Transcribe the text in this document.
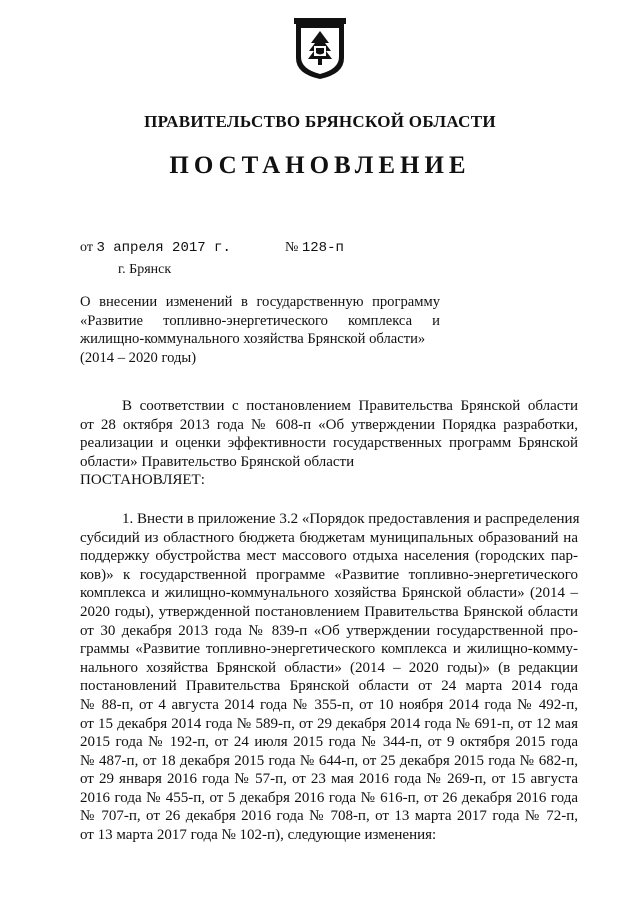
ПРАВИТЕЛЬСТВО БРЯНСКОЙ ОБЛАСТИ
ПОСТАНОВЛЕНИЕ
от 3 апреля 2017 г.	№ 128-п
г. Брянск
О внесении изменений в государственную программу
«Развитие топливно-энергетического комплекса и
жилищно-коммунального хозяйства Брянской области»
(2014 – 2020 годы)
В соответствии с постановлением Правительства Брянской области
от 28 октября 2013 года № 608-п «Об утверждении Порядка разработки,
реализации и оценки эффективности государственных программ Брянской
области» Правительство Брянской области
ПОСТАНОВЛЯЕТ:
1. Внести в приложение 3.2 «Порядок предоставления и распределения
субсидий из областного бюджета бюджетам муниципальных образований на
поддержку обустройства мест массового отдыха населения (городских пар-
ков)» к государственной программе «Развитие топливно-энергетического
комплекса и жилищно-коммунального хозяйства Брянской области» (2014 –
2020 годы), утвержденной постановлением Правительства Брянской области
от 30 декабря 2013 года № 839-п «Об утверждении государственной про-
граммы «Развитие топливно-энергетического комплекса и жилищно-комму-
нального хозяйства Брянской области» (2014 – 2020 годы)» (в редакции
постановлений Правительства Брянской области от 24 марта 2014 года
№ 88-п, от 4 августа 2014 года № 355-п, от 10 ноября 2014 года № 492-п,
от 15 декабря 2014 года № 589-п, от 29 декабря 2014 года № 691-п, от 12 мая
2015 года № 192-п, от 24 июля 2015 года № 344-п, от 9 октября 2015 года
№ 487-п, от 18 декабря 2015 года № 644-п, от 25 декабря 2015 года № 682-п,
от 29 января 2016 года № 57-п, от 23 мая 2016 года № 269-п, от 15 августа
2016 года № 455-п, от 5 декабря 2016 года № 616-п, от 26 декабря 2016 года
№ 707-п, от 26 декабря 2016 года № 708-п, от 13 марта 2017 года № 72-п,
от 13 марта 2017 года № 102-п), следующие изменения:
